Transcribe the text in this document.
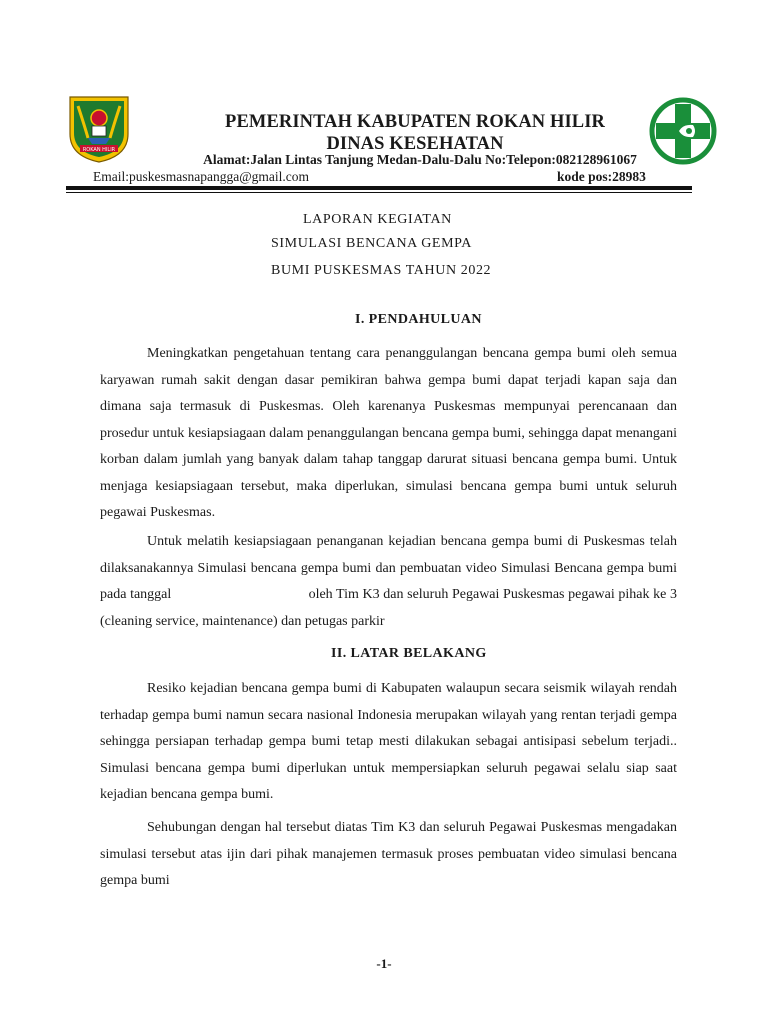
ROKAN HILIR
PEMERINTAH KABUPATEN ROKAN HILIR
DINAS KESEHATAN
Alamat:Jalan Lintas Tanjung Medan-Dalu-Dalu No:Telepon:082128961067
Email:puskesmasnapangga@gmail.com	kode pos:28983
LAPORAN KEGIATAN
SIMULASI BENCANA GEMPA
BUMI PUSKESMAS TAHUN 2022
I. PENDAHULUAN
Meningkatkan pengetahuan tentang cara penanggulangan bencana gempa bumi oleh semua karyawan rumah sakit dengan dasar pemikiran bahwa gempa bumi dapat terjadi kapan saja dan dimana saja termasuk di Puskesmas. Oleh karenanya Puskesmas mempunyai perencanaan dan prosedur untuk kesiapsiagaan dalam penanggulangan bencana gempa bumi, sehingga dapat menangani korban dalam jumlah yang banyak dalam tahap tanggap darurat situasi bencana gempa bumi. Untuk menjaga kesiapsiagaan tersebut, maka diperlukan, simulasi bencana gempa bumi untuk seluruh pegawai Puskesmas.
Untuk melatih kesiapsiagaan penanganan kejadian bencana gempa bumi di Puskesmas telah dilaksanakannya Simulasi bencana gempa bumi dan pembuatan video Simulasi Bencana gempa bumi pada tanggal	oleh Tim K3 dan seluruh Pegawai Puskesmas pegawai pihak ke 3 (cleaning service, maintenance) dan petugas parkir
II. LATAR BELAKANG
Resiko kejadian bencana gempa bumi di Kabupaten walaupun secara seismik wilayah rendah terhadap gempa bumi namun secara nasional Indonesia merupakan wilayah yang rentan terjadi gempa sehingga persiapan terhadap gempa bumi tetap mesti dilakukan sebagai antisipasi sebelum terjadi.. Simulasi bencana gempa bumi diperlukan untuk mempersiapkan seluruh pegawai selalu siap saat kejadian bencana gempa bumi.
Sehubungan dengan hal tersebut diatas Tim K3 dan seluruh Pegawai Puskesmas mengadakan simulasi tersebut atas ijin dari pihak manajemen termasuk proses pembuatan video simulasi bencana gempa bumi
-1-
